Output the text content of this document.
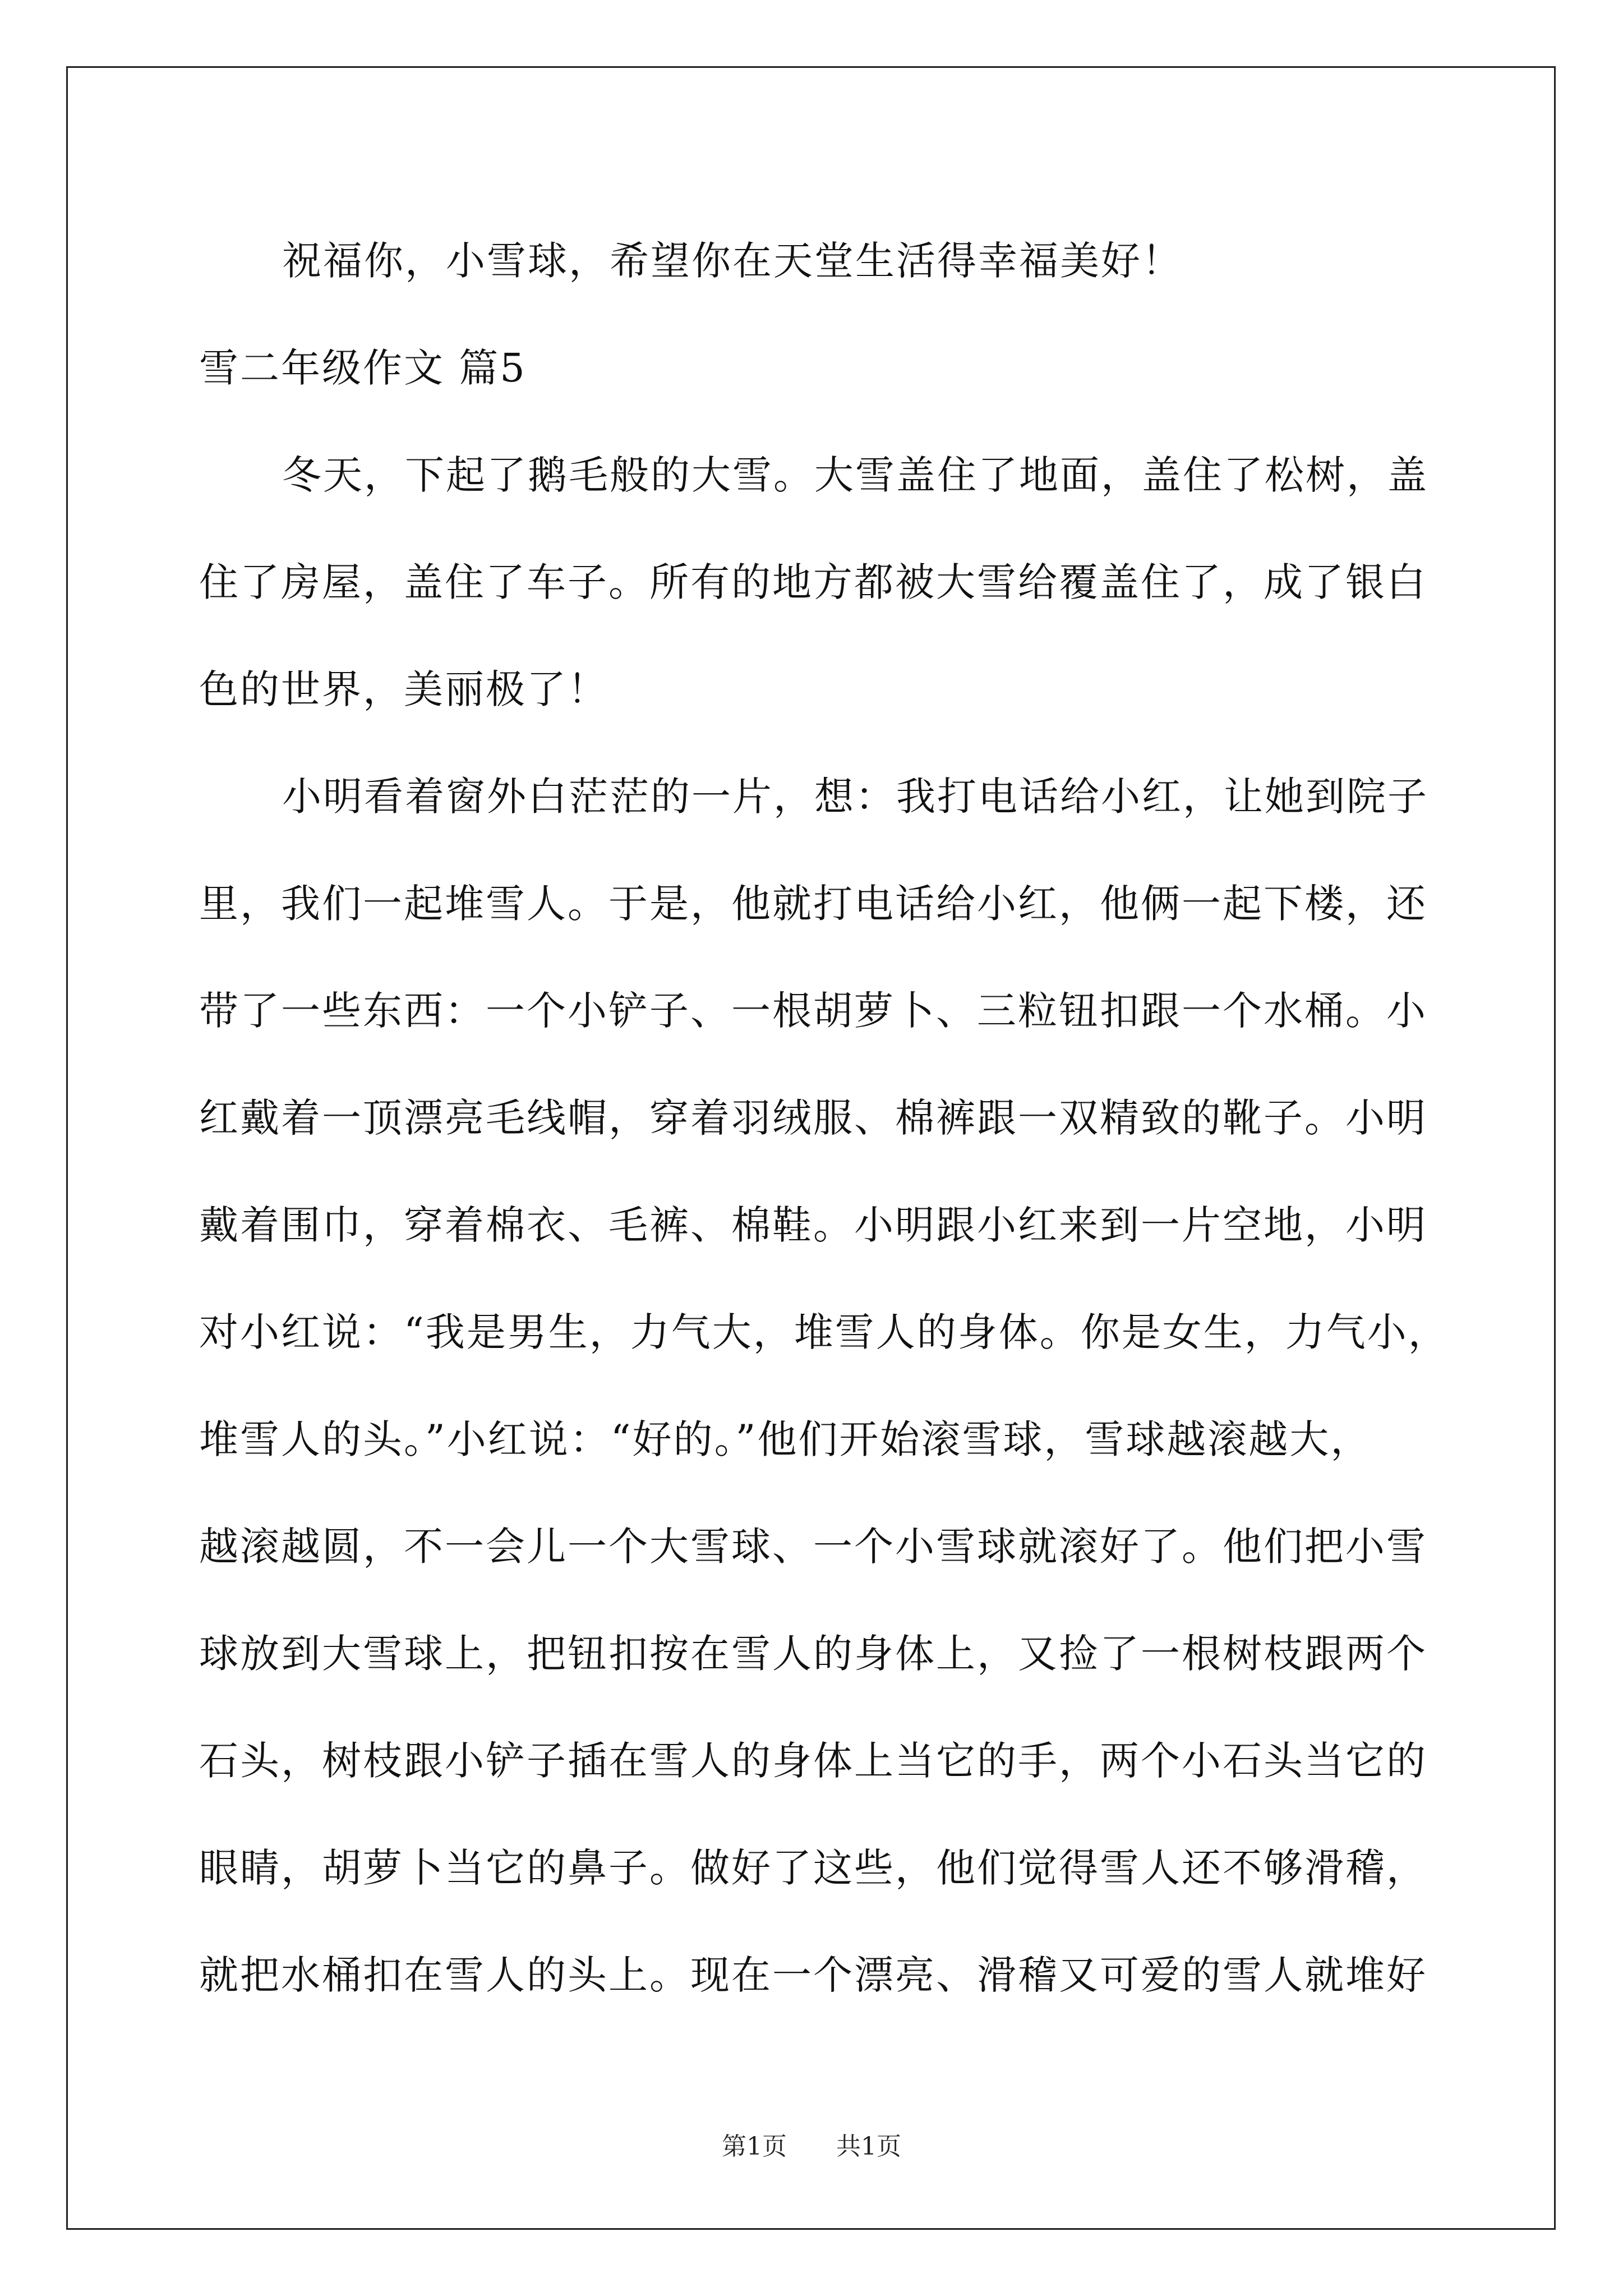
祝福你，小雪球，希望你在天堂生活得幸福美好！
雪二年级作文 篇5
冬天，下起了鹅毛般的大雪。大雪盖住了地面，盖住了松树，盖
住了房屋，盖住了车子。所有的地方都被大雪给覆盖住了，成了银白
色的世界，美丽极了！
小明看着窗外白茫茫的一片，想：我打电话给小红，让她到院子
里，我们一起堆雪人。于是，他就打电话给小红，他俩一起下楼，还
带了一些东西：一个小铲子、一根胡萝卜、三粒钮扣跟一个水桶。小
红戴着一顶漂亮毛线帽，穿着羽绒服、棉裤跟一双精致的靴子。小明
戴着围巾，穿着棉衣、毛裤、棉鞋。小明跟小红来到一片空地，小明
对小红说：“我是男生，力气大，堆雪人的身体。你是女生，力气小，
堆雪人的头。”小红说：“好的。”他们开始滚雪球，雪球越滚越大，
越滚越圆，不一会儿一个大雪球、一个小雪球就滚好了。他们把小雪
球放到大雪球上，把钮扣按在雪人的身体上，又捡了一根树枝跟两个
石头，树枝跟小铲子插在雪人的身体上当它的手，两个小石头当它的
眼睛，胡萝卜当它的鼻子。做好了这些，他们觉得雪人还不够滑稽，
就把水桶扣在雪人的头上。现在一个漂亮、滑稽又可爱的雪人就堆好
第1页 共1页
